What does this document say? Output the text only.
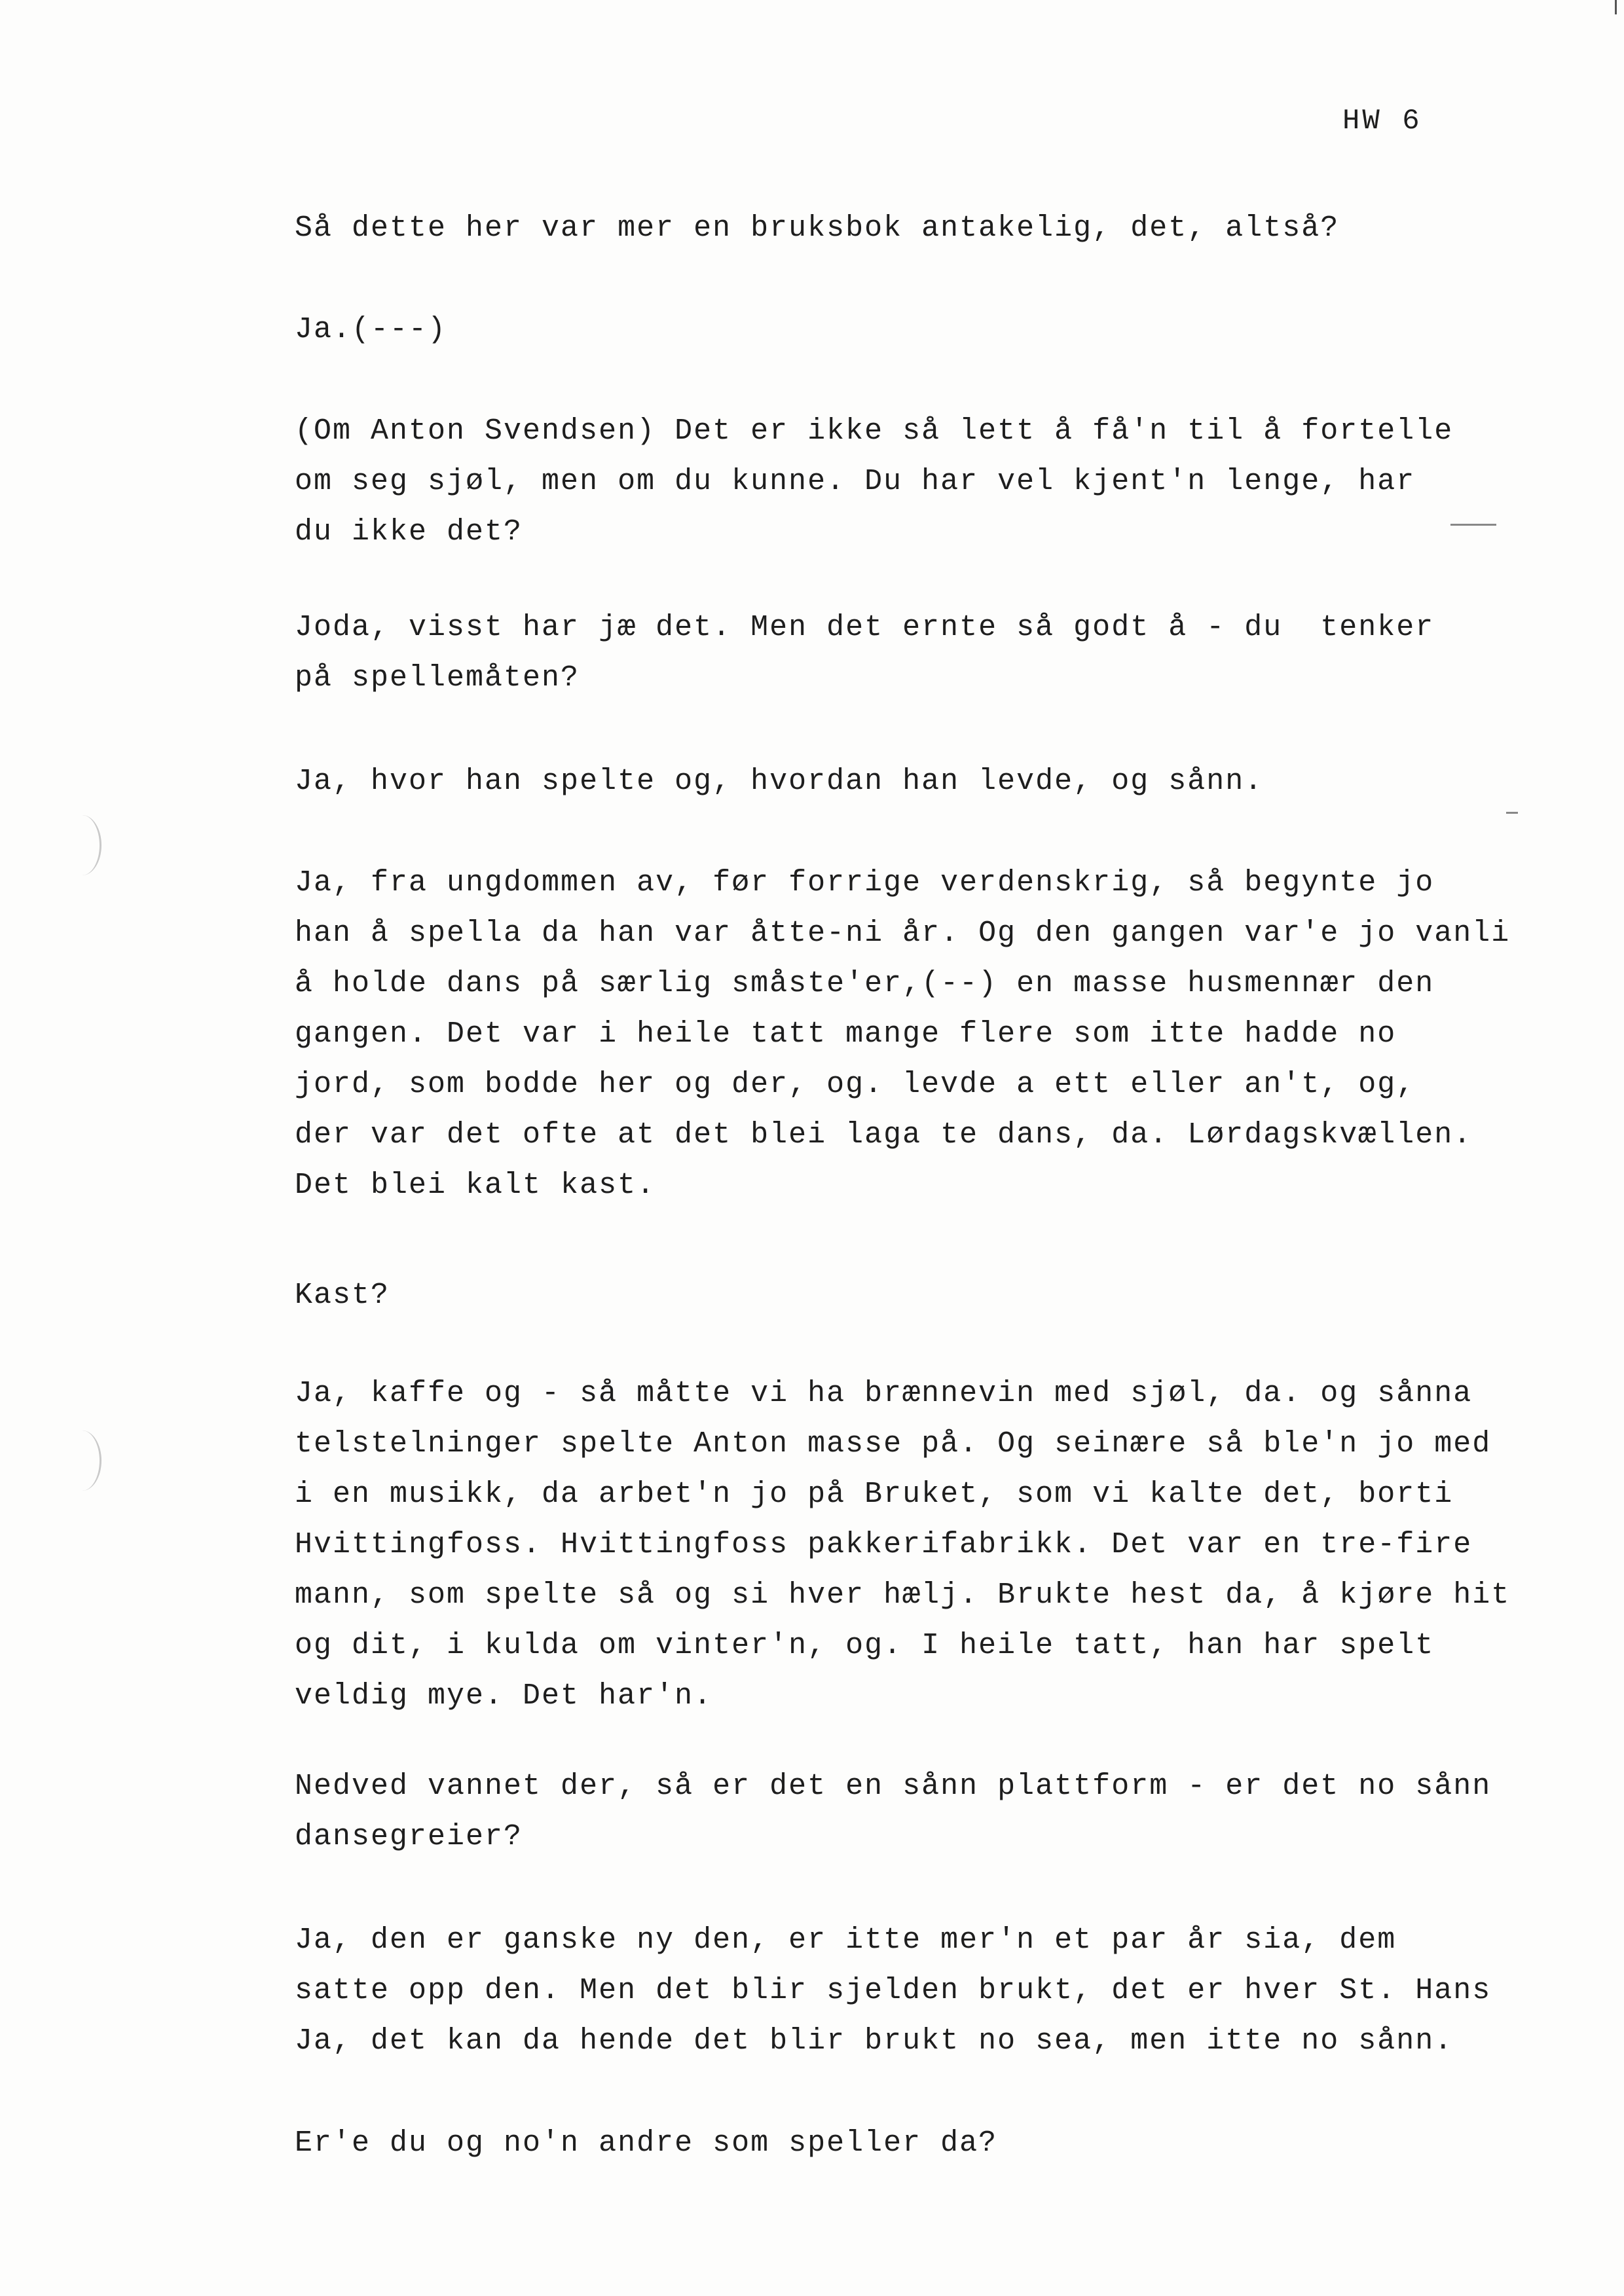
HW 6
Så dette her var mer en bruksbok antakelig, det, altså?
Ja.(---)
(Om Anton Svendsen) Det er ikke så lett å få'n til å fortelle
om seg sjøl, men om du kunne. Du har vel kjent'n lenge, har
du ikke det?
Joda, visst har jæ det. Men det ernte så godt å - du  tenker
på spellemåten?
Ja, hvor han spelte og, hvordan han levde, og sånn.
Ja, fra ungdommen av, før forrige verdenskrig, så begynte jo
han å spella da han var åtte-ni år. Og den gangen var'e jo vanli
å holde dans på særlig småste'er,(--) en masse husmennær den
gangen. Det var i heile tatt mange flere som itte hadde no
jord, som bodde her og der, og. levde a ett eller an't, og,
der var det ofte at det blei laga te dans, da. Lørdagskvællen.
Det blei kalt kast.
Kast?
Ja, kaffe og - så måtte vi ha brænnevin med sjøl, da. og sånna
telstelninger spelte Anton masse på. Og seinære så ble'n jo med
i en musikk, da arbet'n jo på Bruket, som vi kalte det, borti
Hvittingfoss. Hvittingfoss pakkerifabrikk. Det var en tre-fire
mann, som spelte så og si hver hælj. Brukte hest da, å kjøre hit
og dit, i kulda om vinter'n, og. I heile tatt, han har spelt
veldig mye. Det har'n.
Nedved vannet der, så er det en sånn plattform - er det no sånn
dansegreier?
Ja, den er ganske ny den, er itte mer'n et par år sia, dem
satte opp den. Men det blir sjelden brukt, det er hver St. Hans
Ja, det kan da hende det blir brukt no sea, men itte no sånn.
Er'e du og no'n andre som speller da?
